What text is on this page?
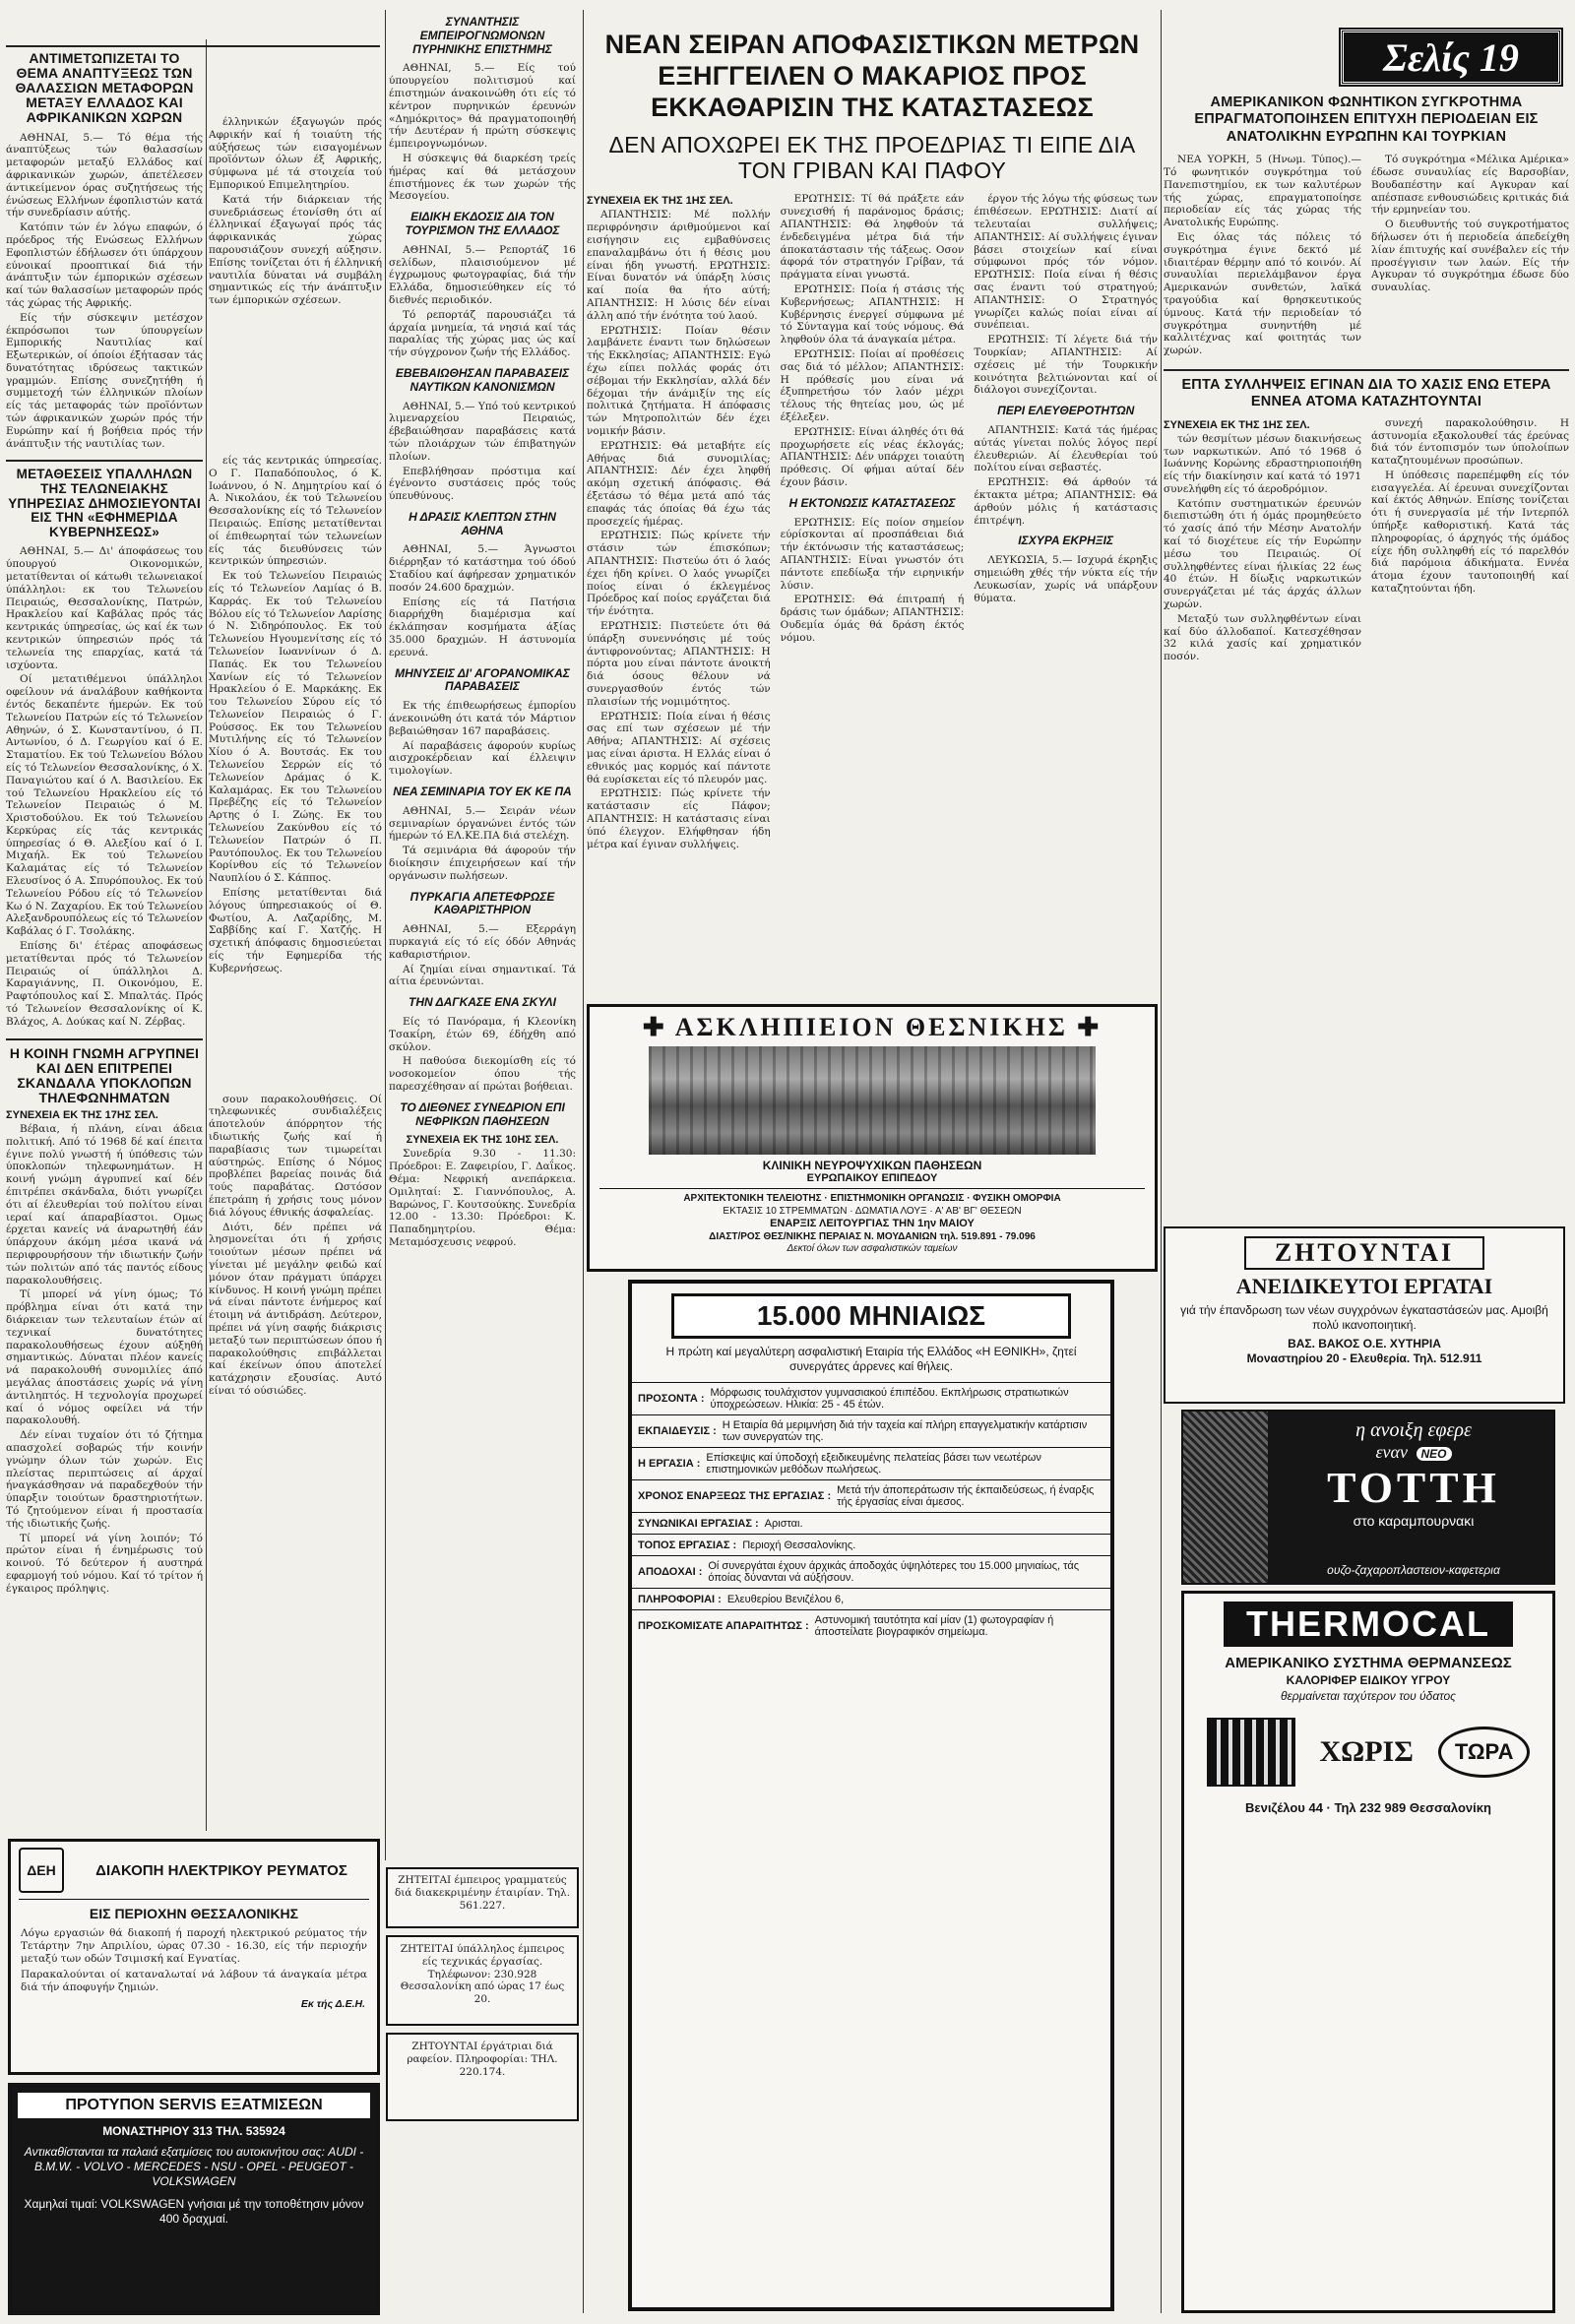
ΑΝΤΙΜΕΤΩΠΙΖΕΤΑΙ ΤΟ ΘΕΜΑ ΑΝΑΠΤΥΞΕΩΣ ΤΩΝ ΘΑΛΑΣΣΙΩΝ ΜΕΤΑΦΟΡΩΝ ΜΕΤΑΞΥ ΕΛΛΑΔΟΣ ΚΑΙ ΑΦΡΙΚΑΝΙΚΩΝ ΧΩΡΩΝ

ΑΘΗΝΑΙ, 5.— Τό θέμα τής άναπτύξεως τών θαλασσίων μεταφορών μεταξύ Ελλάδος καί άφρικανικών χωρών, άπετέλεσεν άντικείμενον όρας συζητήσεως τής ένώσεως Ελλήνων έφοπλιστών κατά τήν συνεδρίασιν αύτής.

Κατόπιν τών έν λόγω επαφών, ό πρόεδρος τής Ενώσεως Ελλήνων Εφοπλιστών έδήλωσεν ότι ύπάρχουν εύνοικαί προοπτικαί διά τήν άνάπτυξιν τών έμπορικών σχέσεων καί τών θαλασσίων μεταφορών πρός τάς χώρας τής Αφρικής.

Είς τήν σύσκεψιν μετέσχον έκπρόσωποι των ύπουργείων Εμπορικής Ναυτιλίας καί Εξωτερικών, οί όποίοι έξήτασαν τάς δυνατότητας ιδρύσεως τακτικών γραμμών. Επίσης συνεζητήθη ή συμμετοχή τών έλληνικών πλοίων είς τάς μεταφοράς τών προϊόντων τών άφρικανικών χωρών πρός τήν Ευρώπην καί ή βοήθεια πρός τήν άνάπτυξιν τής ναυτιλίας των.

ΜΕΤΑΘΕΣΕΙΣ ΥΠΑΛΛΗΛΩΝ ΤΗΣ ΤΕΛΩΝΕΙΑΚΗΣ ΥΠΗΡΕΣΙΑΣ ΔΗΜΟΣΙΕΥΟΝΤΑΙ ΕΙΣ ΤΗΝ «ΕΦΗΜΕΡΙΔΑ ΚΥΒΕΡΝΗΣΕΩΣ»

ΑΘΗΝΑΙ, 5.— Δι' άποφάσεως του ύπουργού Οικονομικών, μετατίθενται οί κάτωθι τελωνειακοί ύπάλληλοι: εκ του Τελωνείου Πειραιώς, Θεσσαλονίκης, Πατρών, Ηρακλείου καί Καβάλας πρός τάς κεντρικάς ύπηρεσίας, ώς καί έκ των κεντρικών ύπηρεσιών πρός τά τελωνεία της επαρχίας, κατά τά ισχύοντα.

Οί μετατιθέμενοι ύπάλληλοι οφείλουν νά άναλάβουν καθήκοντα έντός δεκαπέντε ήμερών. Εκ τού Τελωνείου Πατρών είς τό Τελωνείον Αθηνών, ό Σ. Κωνσταντίνου, ό Π. Αντωνίου, ό Δ. Γεωργίου καί ό Ε. Σταματίου. Εκ τού Τελωνείου Βόλου είς τό Τελωνείον Θεσσαλονίκης, ό Χ. Παναγιώτου καί ό Λ. Βασιλείου. Εκ τού Τελωνείου Ηρακλείου είς τό Τελωνείον Πειραιώς ό Μ. Χριστοδούλου. Εκ τού Τελωνείου Κερκύρας είς τάς κεντρικάς ύπηρεσίας ό Θ. Αλεξίου καί ό Ι. Μιχαήλ. Εκ τού Τελωνείου Καλαμάτας είς τό Τελωνείον Ελευσίνος ό Α. Σπυρόπουλος. Εκ τού Τελωνείου Ρόδου είς τό Τελωνείον Κω ό Ν. Ζαχαρίου. Εκ τού Τελωνείου Αλεξανδρουπόλεως είς τό Τελωνείον Καβάλας ό Γ. Τσολάκης.

Επίσης δι' έτέρας αποφάσεως μετατίθενται πρός τό Τελωνείον Πειραιώς οί ύπάλληλοι Δ. Καραγιάννης, Π. Οικονόμου, Ε. Ραφτόπουλος καί Σ. Μπαλτάς. Πρός τό Τελωνείον Θεσσαλονίκης οί Κ. Βλάχος, Α. Δούκας καί Ν. Ζέρβας.

Η ΚΟΙΝΗ ΓΝΩΜΗ ΑΓΡΥΠΝΕΙ ΚΑΙ ΔΕΝ ΕΠΙΤΡΕΠΕΙ ΣΚΑΝΔΑΛΑ ΥΠΟΚΛΟΠΩΝ ΤΗΛΕΦΩΝΗΜΑΤΩΝ
ΣΥΝΕΧΕΙΑ ΕΚ ΤΗΣ 17ΗΣ ΣΕΛ.

Βέβαια, ή πλάνη, είναι άδεια πολιτική. Από τό 1968 δέ καί έπειτα έγινε πολύ γνωστή ή ύπόθεσις τών ύποκλοπών τηλεφωνημάτων. Η κοινή γνώμη άγρυπνεί καί δέν έπιτρέπει σκάνδαλα, διότι γνωρίζει ότι αί έλευθερίαι τού πολίτου είναι ιεραί καί άπαραβίαστοι. Ομως έρχεται κανείς νά άναρωτηθή έάν ύπάρχουν άκόμη μέσα ικανά νά περιφρουρήσουν τήν ιδιωτικήν ζωήν τών πολιτών από τάς παντός είδους παρακολουθήσεις.

Τί μπορεί νά γίνη όμως; Τό πρόβλημα είναι ότι κατά την διάρκειαν των τελευταίων έτών αί τεχνικαί δυνατότητες παρακολουθήσεως έχουν αύξηθή σημαντικώς. Δύναται πλέον κανείς νά παρακολουθή συνομιλίες άπό μεγάλας άποστάσεις χωρίς νά γίνη άντιληπτός. Η τεχνολογία προχωρεί καί ό νόμος οφείλει νά τήν παρακολουθή.

Δέν είναι τυχαίον ότι τό ζήτημα απασχολεί σοβαρώς τήν κοινήν γνώμην όλων τών χωρών. Εις πλείστας περιπτώσεις αί άρχαί ήναγκάσθησαν νά παραδεχθούν τήν ύπαρξιν τοιούτων δραστηριοτήτων. Τό ζητούμενον είναι ή προστασία τής ιδιωτικής ζωής.

Τί μπορεί νά γίνη λοιπόν; Τό πρώτον είναι ή ένημέρωσις τού κοινού. Τό δεύτερον ή αυστηρά εφαρμογή τού νόμου. Καί τό τρίτον ή έγκαιρος πρόληψις.

έλληνικών έξαγωγών πρός Αφρικήν καί ή τοιαύτη τής αύξήσεως τών εισαγομένων προϊόντων όλων έξ Αφρικής, σύμφωνα μέ τά στοιχεία τού Εμπορικού Επιμελητηρίου.

Κατά τήν διάρκειαν τής συνεδριάσεως έτονίσθη ότι αί έλληνικαί έξαγωγαί πρός τάς άφρικανικάς χώρας παρουσιάζουν συνεχή αύξησιν. Επίσης τονίζεται ότι ή έλληνική ναυτιλία δύναται νά συμβάλη σημαντικώς είς τήν άνάπτυξιν των έμπορικών σχέσεων.

είς τάς κεντρικάς ύπηρεσίας. Ο Γ. Παπαδόπουλος, ό Κ. Ιωάννου, ό Ν. Δημητρίου καί ό Α. Νικολάου, έκ τού Τελωνείου Θεσσαλονίκης είς τό Τελωνείον Πειραιώς. Επίσης μετατίθενται οί έπιθεωρηταί τών τελωνείων είς τάς διευθύνσεις τών κεντρικών ύπηρεσιών.

Εκ τού Τελωνείου Πειραιώς είς τό Τελωνείον Λαμίας ό Β. Καρράς. Εκ τού Τελωνείου Βόλου είς τό Τελωνείον Λαρίσης ό Ν. Σιδηρόπουλος. Εκ τού Τελωνείου Ηγουμενίτσης είς τό Τελωνείον Ιωαννίνων ό Δ. Παπάς. Εκ του Τελωνείου Χανίων είς τό Τελωνείον Ηρακλείου ό Ε. Μαρκάκης. Εκ του Τελωνείου Σύρου είς τό Τελωνείον Πειραιώς ό Γ. Ρούσσος. Εκ του Τελωνείου Μυτιλήνης είς τό Τελωνείον Χίου ό Α. Βουτσάς. Εκ του Τελωνείου Σερρών είς τό Τελωνείον Δράμας ό Κ. Καλαμάρας. Εκ του Τελωνείου Πρεβέζης είς τό Τελωνείον Αρτης ό Ι. Ζώης. Εκ του Τελωνείου Ζακύνθου είς τό Τελωνείον Πατρών ό Π. Ραυτόπουλος. Εκ του Τελωνείου Κορίνθου είς τό Τελωνείον Ναυπλίου ό Σ. Κάππος.

Επίσης μετατίθενται διά λόγους ύπηρεσιακούς οί Θ. Φωτίου, Α. Λαζαρίδης, Μ. Σαββίδης καί Γ. Χατζής. Η σχετική άπόφασις δημοσιεύεται είς τήν Εφημερίδα τής Κυβερνήσεως.

σουν παρακολουθήσεις. Οί τηλεφωνικές συνδιαλέξεις άποτελούν άπόρρητον τής ιδιωτικής ζωής καί ή παραβίασις των τιμωρείται αύστηρώς. Επίσης ό Νόμος προβλέπει βαρείας ποινάς διά τούς παραβάτας. Ωστόσον έπετράπη ή χρήσις τους μόνον διά λόγους έθνικής άσφαλείας.

Διότι, δέν πρέπει νά λησμονείται ότι ή χρήσις τοιούτων μέσων πρέπει νά γίνεται μέ μεγάλην φειδώ καί μόνον όταν πράγματι ύπάρχει κίνδυνος. Η κοινή γνώμη πρέπει νά είναι πάντοτε ένήμερος καί έτοιμη νά άντιδράση. Δεύτερον, πρέπει νά γίνη σαφής διάκρισις μεταξύ των περιπτώσεων όπου ή παρακολούθησις επιβάλλεται καί έκείνων όπου άποτελεί κατάχρησιν εξουσίας. Αυτό είναι τό ούσιώδες.

ΣΥΝΑΝΤΗΣΙΣ ΕΜΠΕΙΡΟΓΝΩΜΟΝΩΝ ΠΥΡΗΝΙΚΗΣ ΕΠΙΣΤΗΜΗΣ

ΑΘΗΝΑΙ, 5.— Είς τού ύπουργείου πολιτισμού καί έπιστημών άνακοινώθη ότι είς τό κέντρον πυρηνικών έρευνών «Δημόκριτος» θά πραγματοποιηθή τήν Δευτέραν ή πρώτη σύσκεψις έμπειρογνωμόνων.

Η σύσκεψις θά διαρκέση τρείς ήμέρας καί θά μετάσχουν έπιστήμονες έκ των χωρών τής Μεσογείου.

ΕΙΔΙΚΗ ΕΚΔΟΣΙΣ ΔΙΑ ΤΟΝ ΤΟΥΡΙΣΜΟΝ ΤΗΣ ΕΛΛΑΔΟΣ

ΑΘΗΝΑΙ, 5.— Ρεπορτάζ 16 σελίδων, πλαισιούμενον μέ έγχρωμους φωτογραφίας, διά τήν Ελλάδα, δημοσιεύθηκεν είς τό διεθνές περιοδικόν.

Τό ρεπορτάζ παρουσιάζει τά άρχαία μνημεία, τά νησιά καί τάς παραλίας τής χώρας μας ώς καί τήν σύγχρονον ζωήν τής Ελλάδος.

ΕΒΕΒΑΙΩΘΗΣΑΝ ΠΑΡΑΒΑΣΕΙΣ ΝΑΥΤΙΚΩΝ ΚΑΝΟΝΙΣΜΩΝ

ΑΘΗΝΑΙ, 5.— Υπό τού κεντρικού λιμεναρχείου Πειραιώς, έβεβαιώθησαν παραβάσεις κατά τών πλοιάρχων τών έπιβατηγών πλοίων.

Επεβλήθησαν πρόστιμα καί έγένοντο συστάσεις πρός τούς ύπευθύνους.

Η ΔΡΑΣΙΣ ΚΛΕΠΤΩΝ ΣΤΗΝ ΑΘΗΝΑ

ΑΘΗΝΑΙ, 5.— Άγνωστοι διέρρηξαν τό κατάστημα τού όδού Σταδίου καί άφήρεσαν χρηματικόν ποσόν 24.600 δραχμών.

Επίσης είς τά Πατήσια διαρρήχθη διαμέρισμα καί έκλάπησαν κοσμήματα άξίας 35.000 δραχμών. Η άστυνομία ερευνά.

ΜΗΝΥΣΕΙΣ ΔΙ' ΑΓΟΡΑΝΟΜΙΚΑΣ ΠΑΡΑΒΑΣΕΙΣ

Εκ τής έπιθεωρήσεως έμπορίου άνεκοινώθη ότι κατά τόν Μάρτιον βεβαιώθησαν 167 παραβάσεις.

Αί παραβάσεις άφορούν κυρίως αισχροκέρδειαν καί έλλειψιν τιμολογίων.

ΝΕΑ ΣΕΜΙΝΑΡΙΑ ΤΟΥ ΕΚ ΚΕ ΠΑ

ΑΘΗΝΑΙ, 5.— Σειράν νέων σεμιναρίων όργανώνει έντός τών ήμερών τό ΕΛ.ΚΕ.ΠΑ διά στελέχη.

Τά σεμινάρια θά άφορούν τήν διοίκησιν έπιχειρήσεων καί τήν οργάνωσιν πωλήσεων.

ΠΥΡΚΑΓΙΑ ΑΠΕΤΕΦΡΩΣΕ ΚΑΘΑΡΙΣΤΗΡΙΟΝ

ΑΘΗΝΑΙ, 5.— Εξερράγη πυρκαγιά είς τό είς όδόν Αθηνάς καθαριστήριον.

Αί ζημίαι είναι σημαντικαί. Τά αίτια έρευνώνται.

ΤΗΝ ΔΑΓΚΑΣΕ ΕΝΑ ΣΚΥΛΙ

Είς τό Πανόραμα, ή Κλεονίκη Τσακίρη, έτών 69, έδήχθη από σκύλον.

Η παθούσα διεκομίσθη είς τό νοσοκομείον όπου τής παρεσχέθησαν αί πρώται βοήθειαι.

ΤΟ ΔΙΕΘΝΕΣ ΣΥΝΕΔΡΙΟΝ ΕΠΙ ΝΕΦΡΙΚΩΝ ΠΑΘΗΣΕΩΝ
ΣΥΝΕΧΕΙΑ ΕΚ ΤΗΣ 10ΗΣ ΣΕΛ.

Συνεδρία 9.30 - 11.30: Πρόεδροι: Ε. Ζαφειρίου, Γ. Δαΐκος. Θέμα: Νεφρική ανεπάρκεια. Ομιληταί: Σ. Γιαννόπουλος, Α. Βαρώνος, Γ. Κουτσούκης. Συνεδρία 12.00 - 13.30: Πρόεδροι: Κ. Παπαδημητρίου. Θέμα: Μεταμόσχευσις νεφρού.

ΖΗΤΕΙΤΑΙ έμπειρος γραμματεύς διά διακεκριμένην έταιρίαν. Τηλ. 561.227.
ΖΗΤΕΙΤΑΙ ύπάλληλος έμπειρος είς τεχνικάς έργασίας. Τηλέφωνον: 230.928 Θεσσαλονίκη από ώρας 17 έως 20.
ΖΗΤΟΥΝΤΑΙ έργάτριαι διά ραφείον. Πληροφορίαι: ΤΗΛ. 220.174.
ΝΕΑΝ ΣΕΙΡΑΝ ΑΠΟΦΑΣΙΣΤΙΚΩΝ ΜΕΤΡΩΝ ΕΞΗΓΓΕΙΛΕΝ Ο ΜΑΚΑΡΙΟΣ ΠΡΟΣ ΕΚΚΑΘΑΡΙΣΙΝ ΤΗΣ ΚΑΤΑΣΤΑΣΕΩΣ
ΔΕΝ ΑΠΟΧΩΡΕΙ ΕΚ ΤΗΣ ΠΡΟΕΔΡΙΑΣ ΤΙ ΕΙΠΕ ΔΙΑ ΤΟΝ ΓΡΙΒΑΝ ΚΑΙ ΠΑΦΟΥ
ΣΥΝΕΧΕΙΑ ΕΚ ΤΗΣ 1ΗΣ ΣΕΛ.

ΑΠΑΝΤΗΣΙΣ: Μέ πολλήν περιφρόνησιν άριθμούμενοι καί εισήγησιν εις εμβαθύνσεις επαναλαμβάνω ότι ή θέσις μου είναι ήδη γνωστή. ΕΡΩΤΗΣΙΣ: Είναι δυνατόν νά ύπάρξη λύσις καί ποία θα ήτο αύτή; ΑΠΑΝΤΗΣΙΣ: Η λύσις δέν είναι άλλη από τήν ένότητα τού λαού.

ΕΡΩΤΗΣΙΣ: Ποίαν θέσιν λαμβάνετε έναντι των δηλώσεων τής Εκκλησίας; ΑΠΑΝΤΗΣΙΣ: Εγώ έχω είπει πολλάς φοράς ότι σέβομαι τήν Εκκλησίαν, αλλά δέν δέχομαι τήν άνάμιξίν της είς πολιτικά ζητήματα. Η άπόφασις τών Μητροπολιτών δέν έχει νομικήν βάσιν.

ΕΡΩΤΗΣΙΣ: Θά μεταβήτε είς Αθήνας διά συνομιλίας; ΑΠΑΝΤΗΣΙΣ: Δέν έχει ληφθή ακόμη σχετική άπόφασις. Θά έξετάσω τό θέμα μετά από τάς επαφάς τάς όποίας θά έχω τάς προσεχείς ήμέρας.

ΕΡΩΤΗΣΙΣ: Πώς κρίνετε τήν στάσιν τών έπισκόπων; ΑΠΑΝΤΗΣΙΣ: Πιστεύω ότι ό λαός έχει ήδη κρίνει. Ο λαός γνωρίζει ποίος είναι ό έκλεγμένος Πρόεδρος καί ποίος εργάζεται διά τήν ένότητα.

ΕΡΩΤΗΣΙΣ: Πιστεύετε ότι θά ύπάρξη συνεννόησις μέ τούς άντιφρονούντας; ΑΠΑΝΤΗΣΙΣ: Η πόρτα μου είναι πάντοτε άνοικτή διά όσους θέλουν νά συνεργασθούν έντός τών πλαισίων τής νομιμότητος.

ΕΡΩΤΗΣΙΣ: Ποία είναι ή θέσις σας επί των σχέσεων μέ τήν Αθήνα; ΑΠΑΝΤΗΣΙΣ: Αί σχέσεις μας είναι άριστα. Η Ελλάς είναι ό εθνικός μας κορμός καί πάντοτε θά ευρίσκεται είς τό πλευρόν μας.

ΕΡΩΤΗΣΙΣ: Πώς κρίνετε τήν κατάστασιν είς Πάφον; ΑΠΑΝΤΗΣΙΣ: Η κατάστασις είναι ύπό έλεγχον. Ελήφθησαν ήδη μέτρα καί έγιναν συλλήψεις.

ΕΡΩΤΗΣΙΣ: Τί θά πράξετε εάν συνεχισθή ή παράνομος δράσις; ΑΠΑΝΤΗΣΙΣ: Θά ληφθούν τά ένδεδειγμένα μέτρα διά τήν άποκατάστασιν τής τάξεως. Οσον άφορά τόν στρατηγόν Γρίβαν, τά πράγματα είναι γνωστά.

ΕΡΩΤΗΣΙΣ: Ποία ή στάσις τής Κυβερνήσεως; ΑΠΑΝΤΗΣΙΣ: Η Κυβέρνησις ένεργεί σύμφωνα μέ τό Σύνταγμα καί τούς νόμους. Θά ληφθούν όλα τά άναγκαία μέτρα.

ΕΡΩΤΗΣΙΣ: Ποίαι αί προθέσεις σας διά τό μέλλον; ΑΠΑΝΤΗΣΙΣ: Η πρόθεσίς μου είναι νά έξυπηρετήσω τόν λαόν μέχρι τέλους τής θητείας μου, ώς μέ έξέλεξεν.

ΕΡΩΤΗΣΙΣ: Είναι άληθές ότι θά προχωρήσετε είς νέας έκλογάς; ΑΠΑΝΤΗΣΙΣ: Δέν υπάρχει τοιαύτη πρόθεσις. Οί φήμαι αύταί δέν έχουν βάσιν.

Η ΕΚΤΟΝΩΣΙΣ ΚΑΤΑΣΤΑΣΕΩΣ

ΕΡΩΤΗΣΙΣ: Είς ποίον σημείον εύρίσκονται αί προσπάθειαι διά τήν έκτόνωσιν τής καταστάσεως; ΑΠΑΝΤΗΣΙΣ: Είναι γνωστόν ότι πάντοτε επεδίωξα τήν ειρηνικήν λύσιν.

ΕΡΩΤΗΣΙΣ: Θά έπιτραπή ή δράσις των όμάδων; ΑΠΑΝΤΗΣΙΣ: Ουδεμία όμάς θά δράση έκτός νόμου.

έργον τής λόγω τής φύσεως των έπιθέσεων. ΕΡΩΤΗΣΙΣ: Διατί αί τελευταίαι συλλήψεις; ΑΠΑΝΤΗΣΙΣ: Αί συλλήψεις έγιναν βάσει στοιχείων καί είναι σύμφωνοι πρός τόν νόμον. ΕΡΩΤΗΣΙΣ: Ποία είναι ή θέσις σας έναντι τού στρατηγού; ΑΠΑΝΤΗΣΙΣ: Ο Στρατηγός γνωρίζει καλώς ποίαι είναι αί συνέπειαι.

ΕΡΩΤΗΣΙΣ: Τί λέγετε διά τήν Τουρκίαν; ΑΠΑΝΤΗΣΙΣ: Αί σχέσεις μέ τήν Τουρκικήν κοινότητα βελτιώνονται καί οί διάλογοι συνεχίζονται.

ΠΕΡΙ ΕΛΕΥΘΕΡΟΤΗΤΩΝ

ΑΠΑΝΤΗΣΙΣ: Κατά τάς ήμέρας αύτάς γίνεται πολύς λόγος περί έλευθεριών. Αί έλευθερίαι τού πολίτου είναι σεβαστές.

ΕΡΩΤΗΣΙΣ: Θά άρθούν τά έκτακτα μέτρα; ΑΠΑΝΤΗΣΙΣ: Θά άρθούν μόλις ή κατάστασις έπιτρέψη.

ΙΣΧΥΡΑ ΕΚΡΗΞΙΣ

ΛΕΥΚΩΣΙΑ, 5.— Ισχυρά έκρηξις σημειώθη χθές τήν νύκτα είς τήν Λευκωσίαν, χωρίς νά υπάρξουν θύματα.

✚ ΑΣΚΛΗΠΙΕΙΟΝ ΘΕΣΝΙΚΗΣ ✚
ΚΛΙΝΙΚΗ ΝΕΥΡΟΨΥΧΙΚΩΝ ΠΑΘΗΣΕΩΝ
ΕΥΡΩΠΑΙΚΟΥ ΕΠΙΠΕΔΟΥ
ΑΡΧΙΤΕΚΤΟΝΙΚΗ ΤΕΛΕΙΟΤΗΣ · ΕΠΙΣΤΗΜΟΝΙΚΗ ΟΡΓΑΝΩΣΙΣ · ΦΥΣΙΚΗ ΟΜΟΡΦΙΑ
ΕΚΤΑΣΙΣ 10 ΣΤΡΕΜΜΑΤΩΝ · ΔΩΜΑΤΙΑ ΛΟΥΞ · Α' ΑΒ' ΒΓ' ΘΕΣΕΩΝ
ΕΝΑΡΞΙΣ ΛΕΙΤΟΥΡΓΙΑΣ ΤΗΝ 1ην ΜΑΙΟΥ
ΔΙΑΣΤ/ΡΟΣ ΘΕΣ/ΝΙΚΗΣ ΠΕΡΑΙΑΣ Ν. ΜΟΥΔΑΝΙΩΝ τηλ. 519.891 - 79.096
Δεκτοί όλων των ασφαλιστικών ταμείων
15.000 ΜΗΝΙΑΙΩΣ
Η πρώτη καί μεγαλύτερη ασφαλιστική Εταιρία τής Ελλάδος «Η ΕΘΝΙΚΗ», ζητεί συνεργάτες άρρενες καί θήλεις.
ΠΡΟΣΟΝΤΑ : Μόρφωσις τουλάχιστον γυμνασιακού έπιπέδου. Εκπλήρωσις στρατιωτικών ύποχρεώσεων. Ηλικία: 25 - 45 έτών.
ΕΚΠΑΙΔΕΥΣΙΣ : Η Εταιρία θά μεριμνήση διά τήν ταχεία καί πλήρη επαγγελματικήν κατάρτισιν των συνεργατών της.
Η ΕΡΓΑΣΙΑ : Επίσκεψις καί ύποδοχή εξειδικευμένης πελατείας βάσει των νεωτέρων επιστημονικών μεθόδων πωλήσεως.
ΧΡΟΝΟΣ ΕΝΑΡΞΕΩΣ ΤΗΣ ΕΡΓΑΣΙΑΣ : Μετά τήν άποπεράτωσιν τής έκπαιδεύσεως, ή έναρξις τής έργασίας είναι άμεσος.
ΣΥΝΩΝΙΚΑΙ ΕΡΓΑΣΙΑΣ : Αρισται.
ΤΟΠΟΣ ΕΡΓΑΣΙΑΣ : Περιοχή Θεσσαλονίκης.
ΑΠΟΔΟΧΑΙ : Οί συνεργάται έχουν άρχικάς άποδοχάς ύψηλότερες του 15.000 μηνιαίως, τάς όποίας δύνανται νά αύξήσουν.
ΠΛΗΡΟΦΟΡΙΑΙ : Ελευθερίου Βενιζέλου 6,
ΠΡΟΣΚΟΜΙΣΑΤΕ ΑΠΑΡΑΙΤΗΤΩΣ : Αστυνομική ταυτότητα καί μίαν (1) φωτογραφίαν ή άποστείλατε βιογραφικόν σημείωμα.
ΔΕΗ	ΔΙΑΚΟΠΗ ΗΛΕΚΤΡΙΚΟΥ ΡΕΥΜΑΤΟΣ
ΕΙΣ ΠΕΡΙΟΧΗΝ ΘΕΣΣΑΛΟΝΙΚΗΣ
Λόγω εργασιών θά διακοπή ή παροχή ηλεκτρικού ρεύματος τήν Τετάρτην 7ην Απριλίου, ώρας 07.30 - 16.30, είς τήν περιοχήν μεταξύ των οδών Τσιμισκή καί Εγνατίας.
Παρακαλούνται οί καταναλωταί νά λάβουν τά άναγκαία μέτρα διά τήν άποφυγήν ζημιών.
Εκ τής Δ.Ε.Η.
ΠΡΟΤΥΠΟΝ SERVIS ΕΞΑΤΜΙΣΕΩΝ
ΜΟΝΑΣΤΗΡΙΟΥ 313 ΤΗΛ. 535924
Αντικαθίστανται τα παλαιά εξατμίσεις του αυτοκινήτου σας: AUDI - B.M.W. - VOLVO - MERCEDES - NSU - OPEL - PEUGEOT - VOLKSWAGEN
Χαμηλαί τιμαί: VOLKSWAGEN γνήσιαι μέ την τοποθέτησιν μόνον 400 δραχμαί.
Σελίς 19
ΑΜΕΡΙΚΑΝΙΚΟΝ ΦΩΝΗΤΙΚΟΝ ΣΥΓΚΡΟΤΗΜΑ ΕΠΡΑΓΜΑΤΟΠΟΙΗΣΕΝ ΕΠΙΤΥΧΗ ΠΕΡΙΟΔΕΙΑΝ ΕΙΣ ΑΝΑΤΟΛΙΚΗΝ ΕΥΡΩΠΗΝ ΚΑΙ ΤΟΥΡΚΙΑΝ

ΝΕΑ ΥΟΡΚΗ, 5 (Ηνωμ. Τύπος).— Τό φωνητικόν συγκρότημα τού Πανεπιστημίου, εκ των καλυτέρων τής χώρας, επραγματοποίησε περιοδείαν είς τάς χώρας τής Ανατολικής Ευρώπης.

Εις όλας τάς πόλεις τό συγκρότημα έγινε δεκτό μέ ιδιαιτέραν θέρμην από τό κοινόν. Αί συναυλίαι περιελάμβανον έργα Αμερικανών συνθετών, λαϊκά τραγούδια καί θρησκευτικούς ύμνους. Κατά τήν περιοδείαν τό συγκρότημα συνηντήθη μέ καλλιτέχνας καί φοιτητάς των χωρών.

Τό συγκρότημα «Μέλικα Αμέρικα» έδωσε συναυλίας είς Βαρσοβίαν, Βουδαπέστην καί Αγκυραν καί απέσπασε ενθουσιώδεις κριτικάς διά τήν ερμηνείαν του.

Ο διευθυντής τού συγκροτήματος δήλωσεν ότι ή περιοδεία άπεδείχθη λίαν έπιτυχής καί συνέβαλεν είς τήν προσέγγισιν των λαών. Είς τήν Αγκυραν τό συγκρότημα έδωσε δύο συναυλίας.

ΕΠΤΑ ΣΥΛΛΗΨΕΙΣ ΕΓΙΝΑΝ ΔΙΑ ΤΟ ΧΑΣΙΣ ΕΝΩ ΕΤΕΡΑ ΕΝΝΕΑ ΑΤΟΜΑ ΚΑΤΑΖΗΤΟΥΝΤΑΙ
ΣΥΝΕΧΕΙΑ ΕΚ ΤΗΣ 1ΗΣ ΣΕΛ.

τών θεσμίτων μέσων διακινήσεως των ναρκωτικών. Από τό 1968 ό Ιωάννης Κορώνης εδραστηριοποιήθη είς τήν διακίνησιν καί κατά τό 1971 συνελήφθη είς τό άεροδρόμιον.

Κατόπιν συστηματικών έρευνών διεπιστώθη ότι ή όμάς προμηθεύετο τό χασίς άπό τήν Μέσην Ανατολήν καί τό διοχέτευε είς τήν Ευρώπην μέσω του Πειραιώς. Οί συλληφθέντες είναι ήλικίας 22 έως 40 έτών. Η δίωξις ναρκωτικών συνεργάζεται μέ τάς άρχάς άλλων χωρών.

Μεταξύ των συλληφθέντων είναι καί δύο άλλοδαποί. Κατεσχέθησαν 32 κιλά χασίς καί χρηματικόν ποσόν.

συνεχή παρακολούθησιν. Η άστυνομία εξακολουθεί τάς έρεύνας διά τόν έντοπισμόν των ύπολοίπων καταζητουμένων προσώπων.

Η ύπόθεσις παρεπέμφθη είς τόν εισαγγελέα. Αί έρευναι συνεχίζονται καί έκτός Αθηνών. Επίσης τονίζεται ότι ή συνεργασία μέ τήν Ιντερπόλ ύπήρξε καθοριστική. Κατά τάς πληροφορίας, ό άρχηγός τής όμάδος είχε ήδη συλληφθή είς τό παρελθόν διά παρόμοια άδικήματα. Εννέα άτομα έχουν ταυτοποιηθή καί καταζητούνται ήδη.

ΖΗΤΟΥΝΤΑΙ
ΑΝΕΙΔΙΚΕΥΤΟΙ ΕΡΓΑΤΑΙ
γιά τήν έπανδρωση των νέων συγχρόνων έγκαταστάσεών μας. Αμοιβή πολύ ικανοποιητική.
ΒΑΣ. ΒΑΚΟΣ Ο.Ε. ΧΥΤΗΡΙΑ
Μοναστηρίου 20 - Ελευθερία. Τηλ. 512.911
η ανοιξη εφερε
εναν ΝΕΟ
ΤΟΤΤΗ
στο καραμπουρνακι
ουζο-ζαχαροπλαστειον-καφετερια
THERMOCAL
ΑΜΕΡΙΚΑΝΙΚΟ ΣΥΣΤΗΜΑ ΘΕΡΜΑΝΣΕΩΣ
ΚΑΛΟΡΙΦΕΡ ΕΙΔΙΚΟΥ ΥΓΡΟΥ
θερμαίνεται ταχύτερον του ύδατος
ΧΩΡΙΣ	ΤΩΡΑ
Βενιζέλου 44 · Τηλ 232 989 Θεσσαλονίκη
